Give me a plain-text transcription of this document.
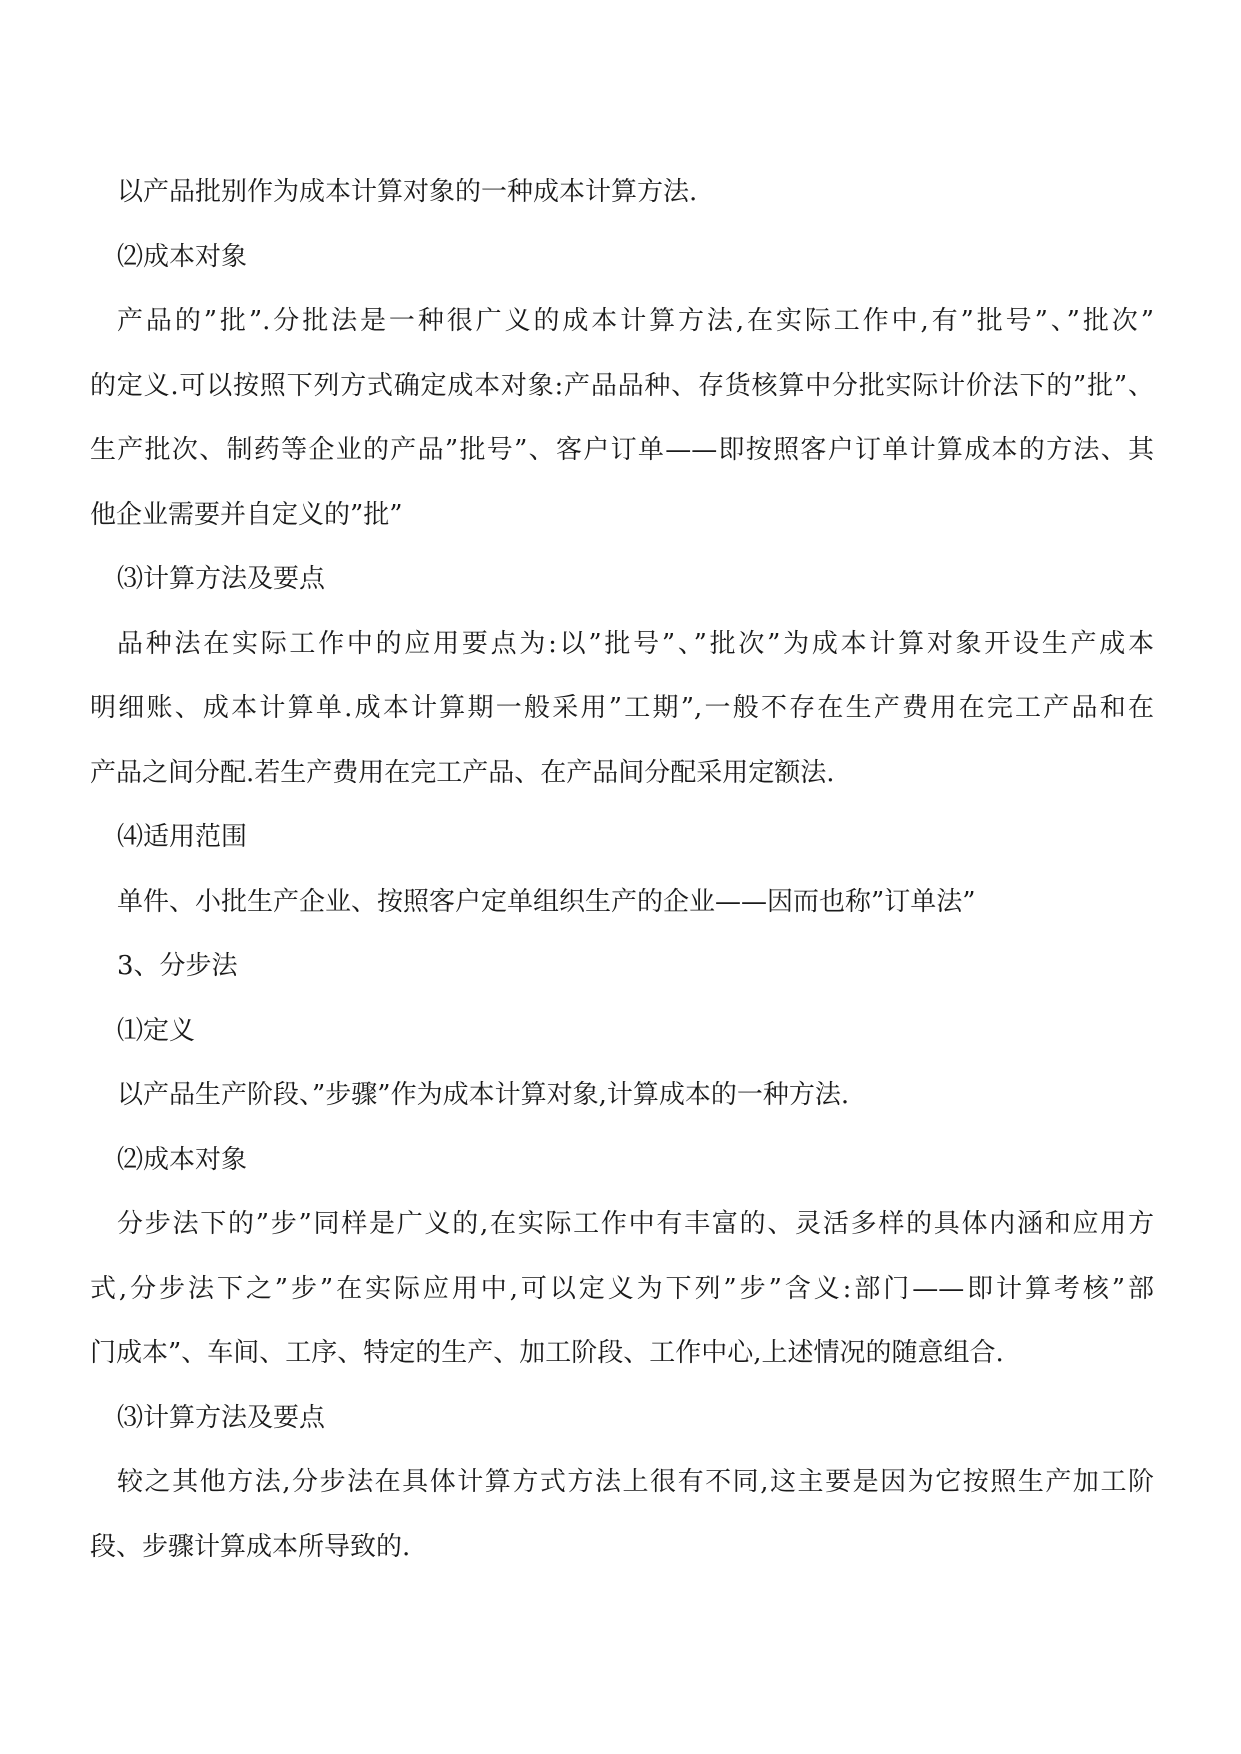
以产品批别作为成本计算对象的一种成本计算方法.
⑵成本对象
产品的”批”.分批法是一种很广义的成本计算方法,在实际工作中,有”批号”、”批次”
的定义.可以按照下列方式确定成本对象:产品品种、存货核算中分批实际计价法下的”批”、
生产批次、制药等企业的产品”批号”、客户订单——即按照客户订单计算成本的方法、其
他企业需要并自定义的”批”
⑶计算方法及要点
品种法在实际工作中的应用要点为:以”批号”、”批次”为成本计算对象开设生产成本
明细账、成本计算单.成本计算期一般采用”工期”,一般不存在生产费用在完工产品和在
产品之间分配.若生产费用在完工产品、在产品间分配采用定额法.
⑷适用范围
单件、小批生产企业、按照客户定单组织生产的企业——因而也称”订单法”
3、分步法
⑴定义
以产品生产阶段、”步骤”作为成本计算对象,计算成本的一种方法.
⑵成本对象
分步法下的”步”同样是广义的,在实际工作中有丰富的、灵活多样的具体内涵和应用方
式,分步法下之”步”在实际应用中,可以定义为下列”步”含义:部门——即计算考核”部
门成本”、车间、工序、特定的生产、加工阶段、工作中心,上述情况的随意组合.
⑶计算方法及要点
较之其他方法,分步法在具体计算方式方法上很有不同,这主要是因为它按照生产加工阶
段、步骤计算成本所导致的.
